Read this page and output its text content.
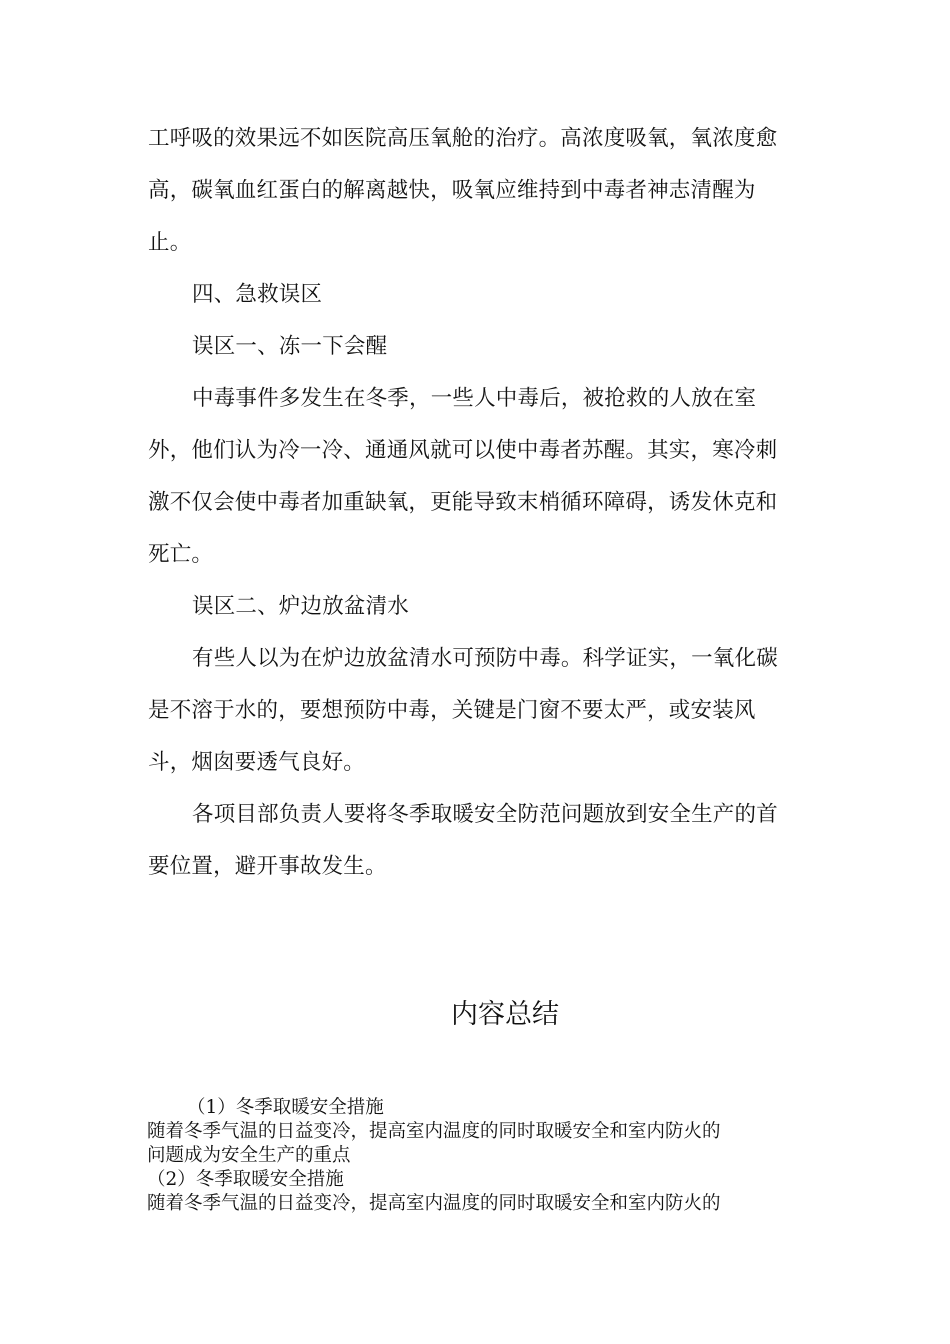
工呼吸的效果远不如医院高压氧舱的治疗。高浓度吸氧，氧浓度愈
高，碳氧血红蛋白的解离越快，吸氧应维持到中毒者神志清醒为
止。
四、急救误区
误区一、冻一下会醒
中毒事件多发生在冬季，一些人中毒后，被抢救的人放在室
外，他们认为冷一冷、通通风就可以使中毒者苏醒。其实，寒冷刺
激不仅会使中毒者加重缺氧，更能导致末梢循环障碍，诱发休克和
死亡。
误区二、炉边放盆清水
有些人以为在炉边放盆清水可预防中毒。科学证实，一氧化碳
是不溶于水的，要想预防中毒，关键是门窗不要太严，或安装风
斗，烟囱要透气良好。
各项目部负责人要将冬季取暖安全防范问题放到安全生产的首
要位置，避开事故发生。
内容总结
（1）冬季取暖安全措施
随着冬季气温的日益变冷，提高室内温度的同时取暖安全和室内防火的
问题成为安全生产的重点
（2）冬季取暖安全措施
随着冬季气温的日益变冷，提高室内温度的同时取暖安全和室内防火的
